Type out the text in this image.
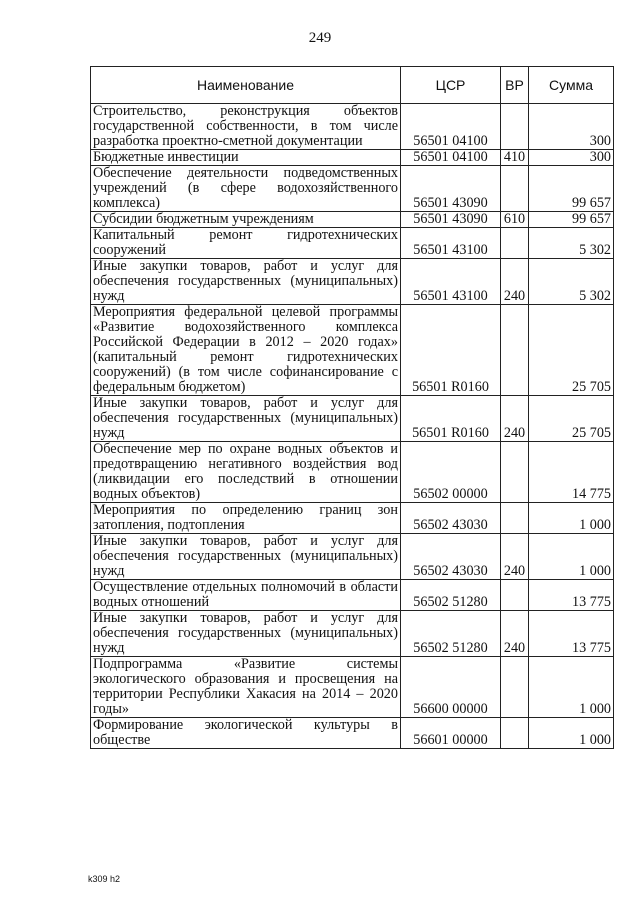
249
Наименование	ЦСР	ВР	Сумма
Строительство, реконструкция объектов государственной собственности, в том числе разработка проектно-сметной документации	56501 04100		300
Бюджетные инвестиции	56501 04100	410	300
Обеспечение деятельности подведомственных учреждений (в сфере водохозяйственного комплекса)	56501 43090		99 657
Субсидии бюджетным учреждениям	56501 43090	610	99 657
Капитальный ремонт гидротехнических сооружений	56501 43100		5 302
Иные закупки товаров, работ и услуг для обеспечения государственных (муниципальных) нужд	56501 43100	240	5 302
Мероприятия федеральной целевой программы «Развитие водохозяйственного комплекса Российской Федерации в 2012 – 2020 годах» (капитальный ремонт гидротехнических сооружений) (в том числе софинансирование с федеральным бюджетом)	56501 R0160		25 705
Иные закупки товаров, работ и услуг для обеспечения государственных (муниципальных) нужд	56501 R0160	240	25 705
Обеспечение мер по охране водных объектов и предотвращению негативного воздействия вод (ликвидации его последствий в отношении водных объектов)	56502 00000		14 775
Мероприятия по определению границ зон затопления, подтопления	56502 43030		1 000
Иные закупки товаров, работ и услуг для обеспечения государственных (муниципальных) нужд	56502 43030	240	1 000
Осуществление отдельных полномочий в области водных отношений	56502 51280		13 775
Иные закупки товаров, работ и услуг для обеспечения государственных (муниципальных) нужд	56502 51280	240	13 775
Подпрограмма «Развитие системы экологического образования и просвещения на территории Республики Хакасия на 2014 – 2020 годы»	56600 00000		1 000
Формирование экологической культуры в обществе	56601 00000		1 000
k309 h2
